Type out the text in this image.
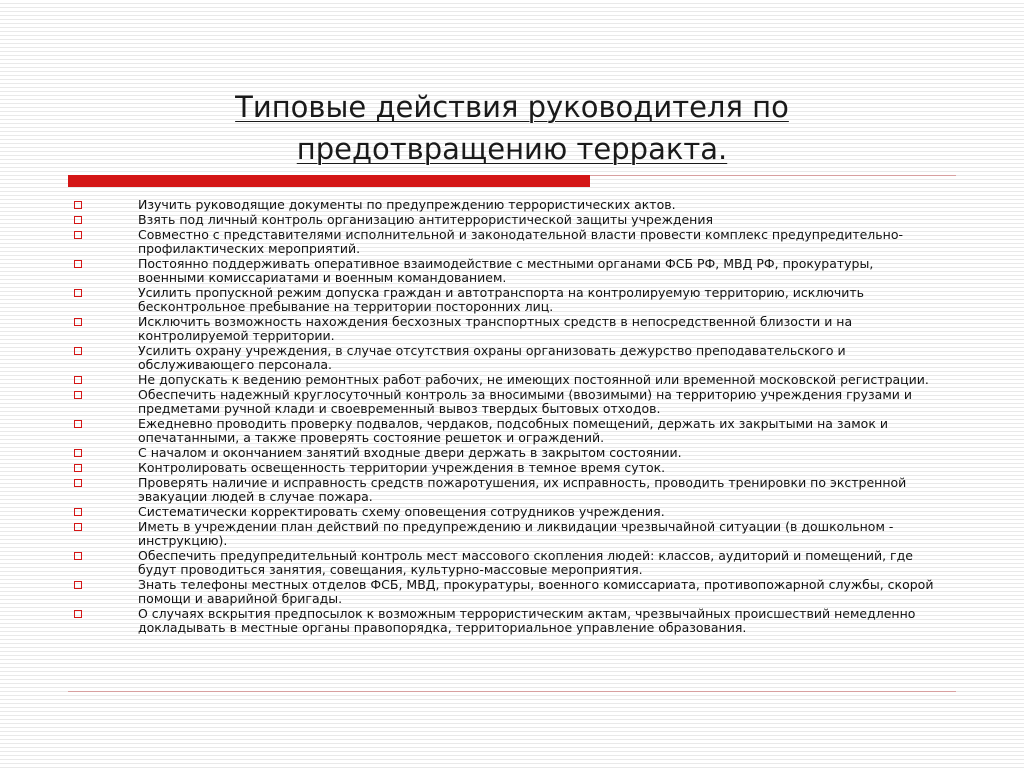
Типовые действия руководителя по предотвращению терракта.
Изучить руководящие документы по предупреждению террористических актов.
Взять под личный контроль организацию антитеррористической защиты учреждения
Совместно с представителями исполнительной и законодательной власти провести комплекс предупредительно-профилактических мероприятий.
Постоянно поддерживать оперативное взаимодействие с местными органами ФСБ РФ, МВД РФ, прокуратуры, военными комиссариатами и военным командованием.
Усилить пропускной режим допуска граждан и автотранспорта на контролируемую территорию, исключить бесконтрольное пребывание на территории посторонних лиц.
Исключить возможность нахождения бесхозных транспортных средств в непосредственной близости и на контролируемой территории.
Усилить охрану учреждения, в случае отсутствия охраны организовать дежурство преподавательского и обслуживающего персонала.
Не допускать к ведению ремонтных работ рабочих, не имеющих постоянной или временной московской регистрации.
Обеспечить надежный круглосуточный контроль за вносимыми (ввозимыми) на территорию учреждения грузами и предметами ручной клади и своевременный вывоз твердых бытовых отходов.
Ежедневно проводить проверку подвалов, чердаков, подсобных помещений, держать их закрытыми на замок и опечатанными, а также проверять состояние решеток и ограждений.
С началом и окончанием занятий входные двери держать в закрытом состоянии.
Контролировать освещенность территории учреждения в темное время суток.
Проверять наличие и исправность средств пожаротушения, их исправность, проводить тренировки по экстренной эвакуации людей в случае пожара.
Систематически корректировать схему оповещения сотрудников учреждения.
Иметь в учреждении план действий по предупреждению и ликвидации чрезвычайной ситуации (в дошкольном - инструкцию).
Обеспечить предупредительный контроль мест массового скопления людей: классов, аудиторий и помещений, где будут проводиться занятия, совещания, культурно-массовые мероприятия.
Знать телефоны местных отделов ФСБ, МВД, прокуратуры, военного комиссариата, противопожарной службы, скорой помощи и аварийной бригады.
О случаях вскрытия предпосылок к возможным террористическим актам, чрезвычайных происшествий немедленно докладывать в местные органы правопорядка, территориальное управление образования.
